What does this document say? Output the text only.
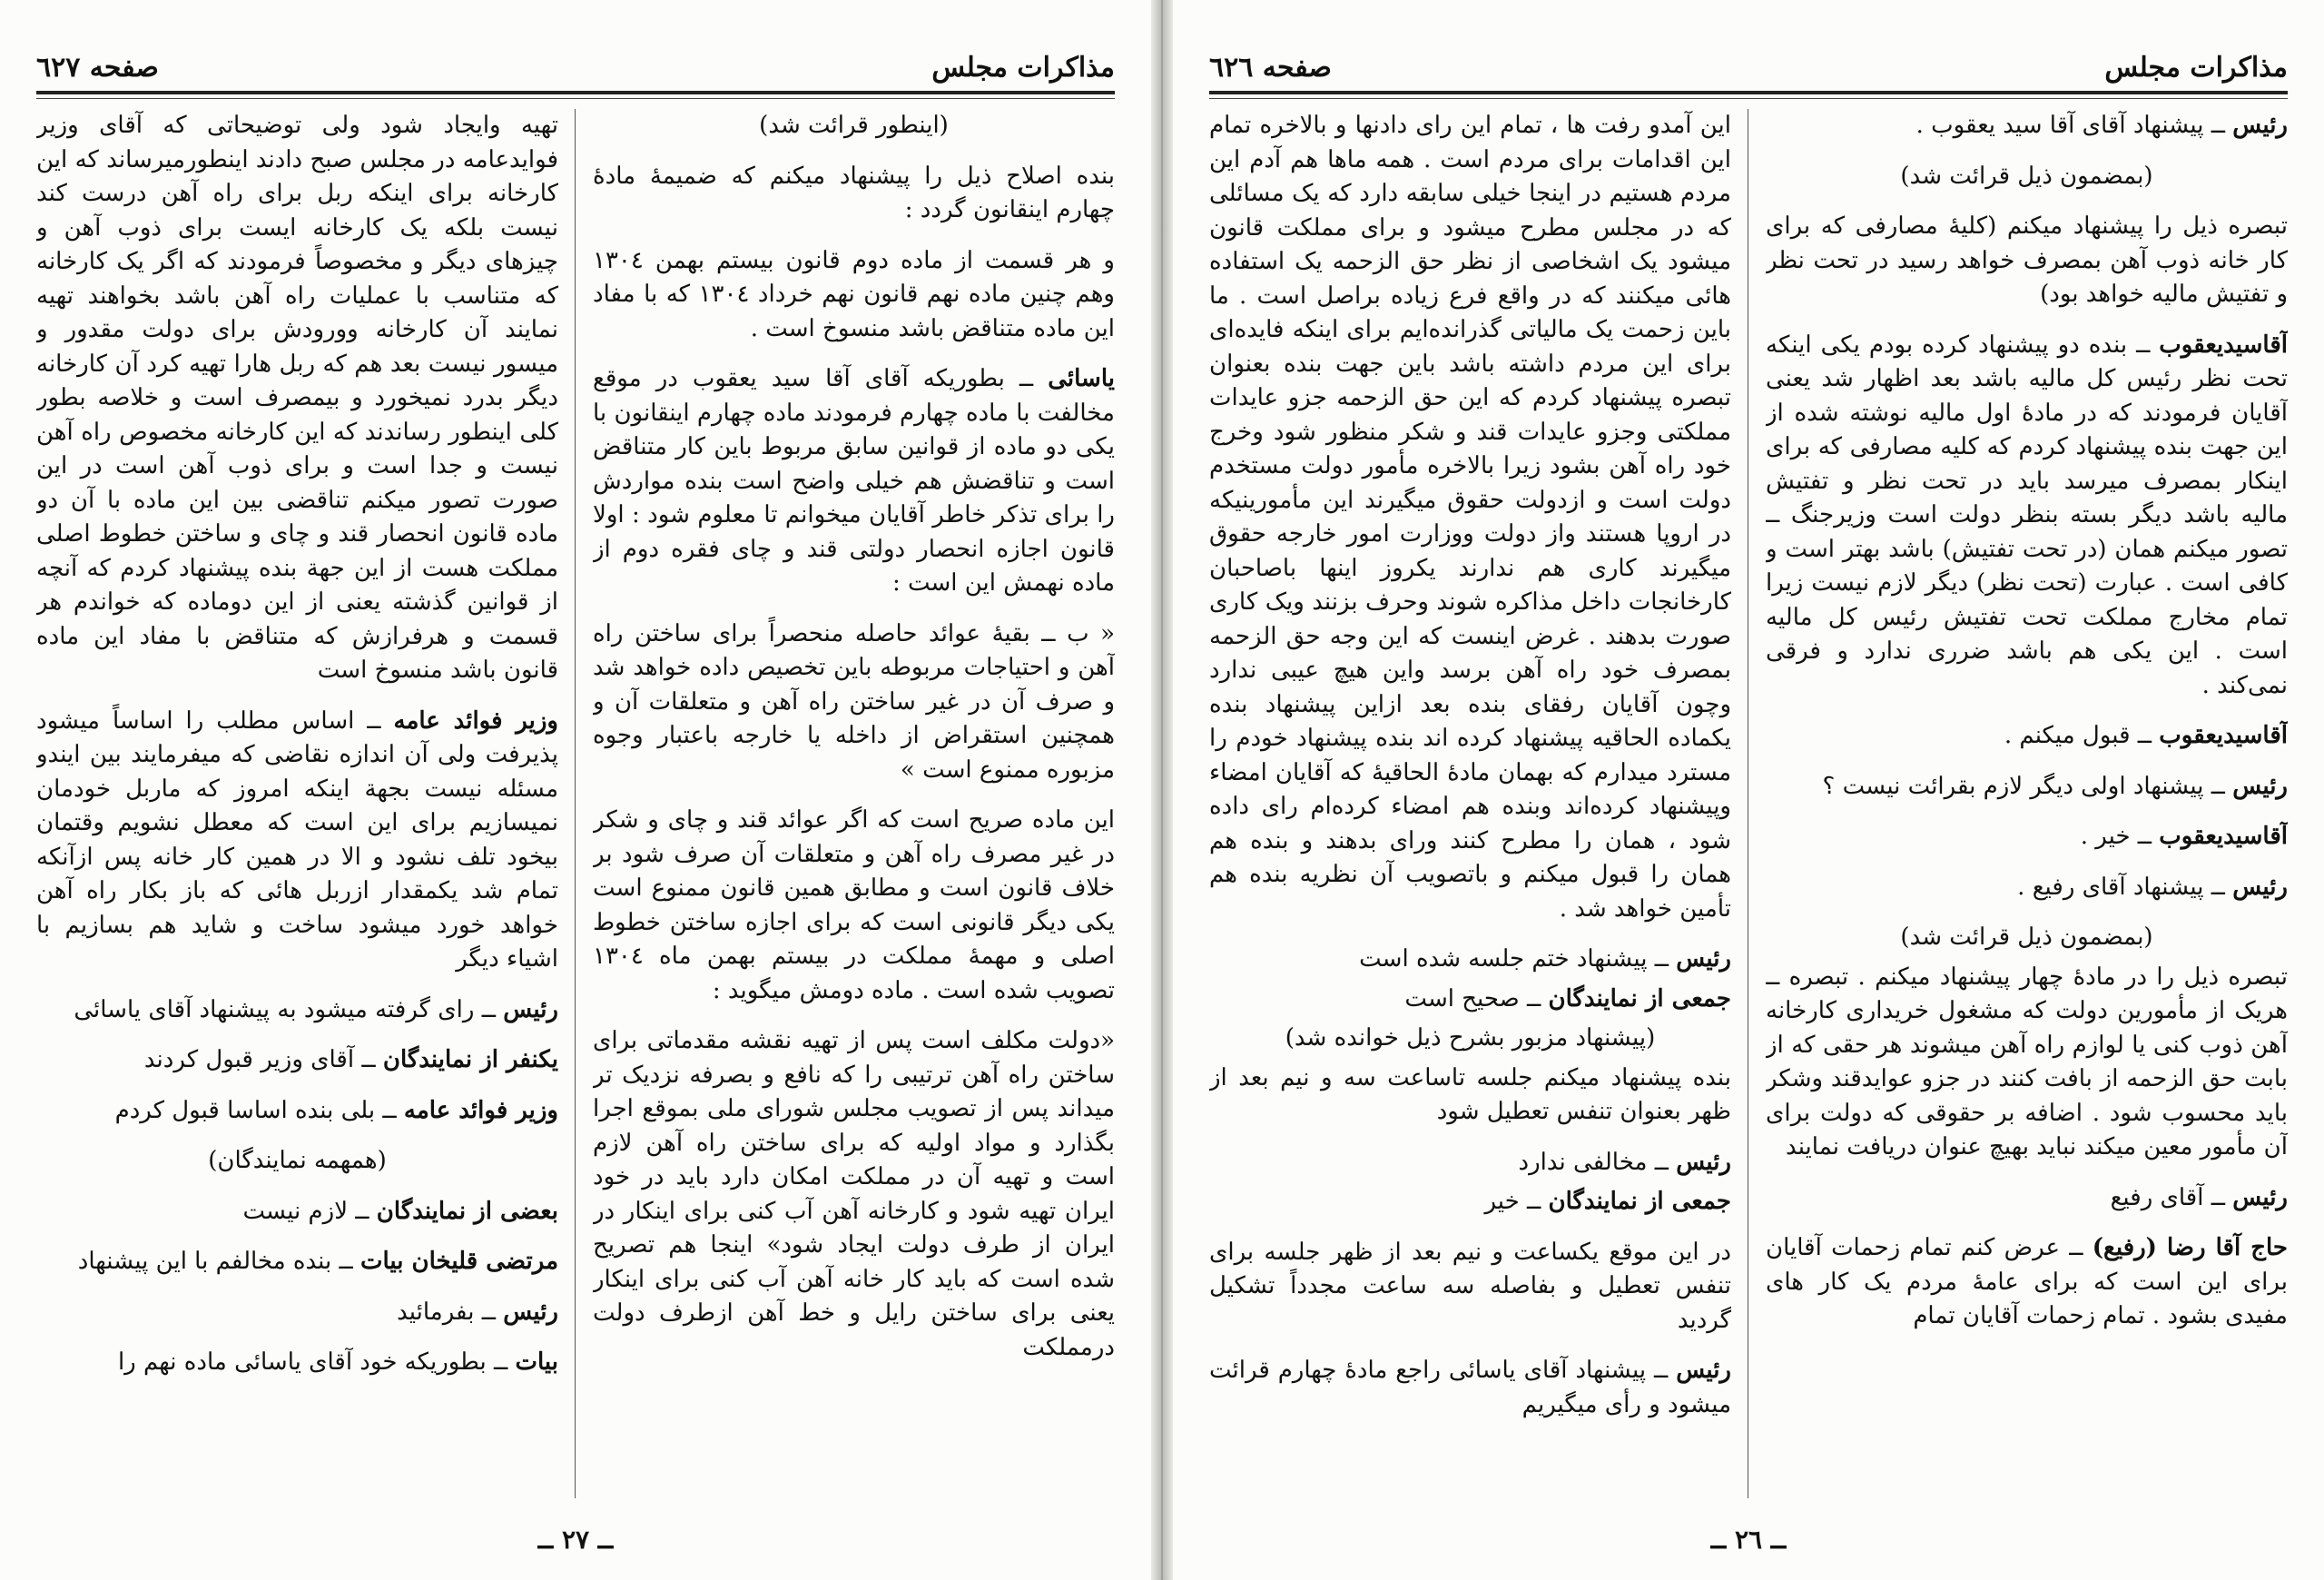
مذاکرات مجلس
صفحه ٦٢٧

(اینطور قرائت شد)

بنده اصلاح ذیل را پیشنهاد میکنم که ضمیمهٔ مادهٔ چهارم اینقانون گردد :

و هر قسمت از ماده دوم قانون بیستم بهمن ١٣٠٤ وهم چنین ماده نهم قانون نهم خرداد ١٣٠٤ که با مفاد این ماده متناقض باشد منسوخ است .

یاسائی ــ بطوریکه آقای آقا سید یعقوب در موقع مخالفت با ماده چهارم فرمودند ماده چهارم اینقانون با یکی دو ماده از قوانین سابق مربوط باین کار متناقض است و تناقضش هم خیلی واضح است بنده مواردش را برای تذکر خاطر آقایان میخوانم تا معلوم شود : اولا قانون اجازه انحصار دولتی قند و چای فقره دوم از ماده نهمش این است :

« ب ــ بقیهٔ عوائد حاصله منحصراً برای ساختن راه آهن و احتیاجات مربوطه باین تخصیص داده خواهد شد و صرف آن در غیر ساختن راه آهن و متعلقات آن و همچنین استقراض از داخله یا خارجه باعتبار وجوه مزبوره ممنوع است »

این ماده صریح است که اگر عوائد قند و چای و شکر در غیر مصرف راه آهن و متعلقات آن صرف شود بر خلاف قانون است و مطابق همین قانون ممنوع است یکی دیگر قانونی است که برای اجازه ساختن خطوط اصلی و مهمهٔ مملکت در بیستم بهمن ماه ١٣٠٤ تصویب شده است . ماده دومش میگوید :

«دولت مکلف است پس از تهیه نقشه مقدماتی برای ساختن راه آهن ترتیبی را که نافع و بصرفه نزدیک تر میداند پس از تصویب مجلس شورای ملی بموقع اجرا بگذارد و مواد اولیه که برای ساختن راه آهن لازم است و تهیه آن در مملکت امکان دارد باید در خود ایران تهیه شود و کارخانه آهن آب کنی برای اینکار در ایران از طرف دولت ایجاد شود» اینجا هم تصریح شده است که باید کار خانه آهن آب کنی برای اینکار یعنی برای ساختن رایل و خط آهن ازطرف دولت درمملکت

تهیه وایجاد شود ولی توضیحاتی که آقای وزیر فوایدعامه در مجلس صبح دادند اینطورمیرساند که این کارخانه برای اینکه ربل برای راه آهن درست کند نیست بلکه یک کارخانه ایست برای ذوب آهن و چیزهای دیگر و مخصوصاً فرمودند که اگر یک کارخانه که متناسب با عملیات راه آهن باشد بخواهند تهیه نمایند آن کارخانه وورودش برای دولت مقدور و میسور نیست بعد هم که ربل هارا تهیه کرد آن کارخانه دیگر بدرد نمیخورد و بیمصرف است و خلاصه بطور کلی اینطور رساندند که این کارخانه مخصوص راه آهن نیست و جدا است و برای ذوب آهن است در این صورت تصور میکنم تناقضی بین این ماده با آن دو ماده قانون انحصار قند و چای و ساختن خطوط اصلی مملکت هست از این جهة بنده پیشنهاد کردم که آنچه از قوانین گذشته یعنی از این دوماده که خواندم هر قسمت و هرفرازش که متناقض با مفاد این ماده قانون باشد منسوخ است

وزیر فوائد عامه ــ اساس مطلب را اساساً میشود پذیرفت ولی آن اندازه نقاضی که میفرمایند بین ایندو مسئله نیست بجهة اینکه امروز که ماربل خودمان نمیسازیم برای این است که معطل نشویم وقتمان بیخود تلف نشود و الا در همین کار خانه پس ازآنکه تمام شد یکمقدار ازربل هائی که باز بکار راه آهن خواهد خورد میشود ساخت و شاید هم بسازیم با اشیاء دیگر

رئیس ــ رای گرفته میشود به پیشنهاد آقای یاسائی

یکنفر از نمایندگان ــ آقای وزیر قبول کردند

وزیر فوائد عامه ــ بلی بنده اساسا قبول کردم

(همهمه نمایندگان)

بعضی از نمایندگان ــ لازم نیست

مرتضی قلیخان بیات ــ بنده مخالفم با این پیشنهاد

رئیس ــ بفرمائید

بیات ــ بطوریکه خود آقای یاسائی ماده نهم را

ــ ٢٧ ــ
مذاکرات مجلس
صفحه ٦٢٦

رئیس ــ پیشنهاد آقای آقا سید یعقوب .

(بمضمون ذیل قرائت شد)

تبصره ذیل را پیشنهاد میکنم (کلیهٔ مصارفی که برای کار خانه ذوب آهن بمصرف خواهد رسید در تحت نظر و تفتیش مالیه خواهد بود)

آقاسیدیعقوب ــ بنده دو پیشنهاد کرده بودم یکی اینکه تحت نظر رئیس کل مالیه باشد بعد اظهار شد یعنی آقایان فرمودند که در مادهٔ اول مالیه نوشته شده از این جهت بنده پیشنهاد کردم که کلیه مصارفی که برای اینکار بمصرف میرسد باید در تحت نظر و تفتیش مالیه باشد دیگر بسته بنظر دولت است وزیرجنگ ــ تصور میکنم همان (در تحت تفتیش) باشد بهتر است و کافی است . عبارت (تحت نظر) دیگر لازم نیست زیرا تمام مخارج مملکت تحت تفتیش رئیس کل مالیه است . این یکی هم باشد ضرری ندارد و فرقی نمی‌کند .

آقاسیدیعقوب ــ قبول میکنم .

رئیس ــ پیشنهاد اولی دیگر لازم بقرائت نیست ؟

آقاسیدیعقوب ــ خیر .

رئیس ــ پیشنهاد آقای رفیع .

(بمضمون ذیل قرائت شد)

تبصره ذیل را در مادهٔ چهار پیشنهاد میکنم . تبصره ــ هریک از مأمورین دولت که مشغول خریداری کارخانه آهن ذوب کنی یا لوازم راه آهن میشوند هر حقی که از بابت حق الزحمه از بافت کنند در جزو عوایدقند وشکر باید محسوب شود . اضافه بر حقوقی که دولت برای آن مأمور معین میکند نباید بهیچ عنوان دریافت نمایند

رئیس ــ آقای رفیع

حاج آقا رضا (رفیع) ــ عرض کنم تمام زحمات آقایان برای این است که برای عامهٔ مردم یک کار های مفیدی بشود . تمام زحمات آقایان تمام

این آمدو رفت ها ، تمام این رای دادنها و بالاخره تمام این اقدامات برای مردم است . همه ماها هم آدم این مردم هستیم در اینجا خیلی سابقه دارد که یک مسائلی که در مجلس مطرح میشود و برای مملکت قانون میشود یک اشخاصی از نظر حق الزحمه یک استفاده هائی میکنند که در واقع فرع زیاده براصل است . ما باین زحمت یک مالیاتی گذرانده‌ایم برای اینکه فایده‌ای برای این مردم داشته باشد باین جهت بنده بعنوان تبصره پیشنهاد کردم که این حق الزحمه جزو عایدات مملکتی وجزو عایدات قند و شکر منظور شود وخرج خود راه آهن بشود زیرا بالاخره مأمور دولت مستخدم دولت است و ازدولت حقوق میگیرند این مأمورینیکه در اروپا هستند واز دولت ووزارت امور خارجه حقوق میگیرند کاری هم ندارند یکروز اینها باصاحبان کارخانجات داخل مذاکره شوند وحرف بزنند ویک کاری صورت بدهند . غرض اینست که این وجه حق الزحمه بمصرف خود راه آهن برسد واین هیچ عیبی ندارد وچون آقایان رفقای بنده بعد ازاین پیشنهاد بنده یکماده الحاقیه پیشنهاد کرده اند بنده پیشنهاد خودم را مسترد میدارم که بهمان مادهٔ الحاقیهٔ که آقایان امضاء وپیشنهاد کرده‌اند وبنده هم امضاء کرده‌ام رای داده شود ، همان را مطرح کنند ورای بدهند و بنده هم همان را قبول میکنم و باتصویب آن نظریه بنده هم تأمین خواهد شد .

رئیس ــ پیشنهاد ختم جلسه شده است

جمعی از نمایندگان ــ صحیح است

(پیشنهاد مزبور بشرح ذیل خوانده شد)

بنده پیشنهاد میکنم جلسه تاساعت سه و نیم بعد از ظهر بعنوان تنفس تعطیل شود

رئیس ــ مخالفی ندارد

جمعی از نمایندگان ــ خیر

در این موقع یکساعت و نیم بعد از ظهر جلسه برای تنفس تعطیل و بفاصله سه ساعت مجدداً تشکیل گردید

رئیس ــ پیشنهاد آقای یاسائی راجع مادهٔ چهارم قرائت میشود و رأی میگیریم

ــ ٢٦ ــ
